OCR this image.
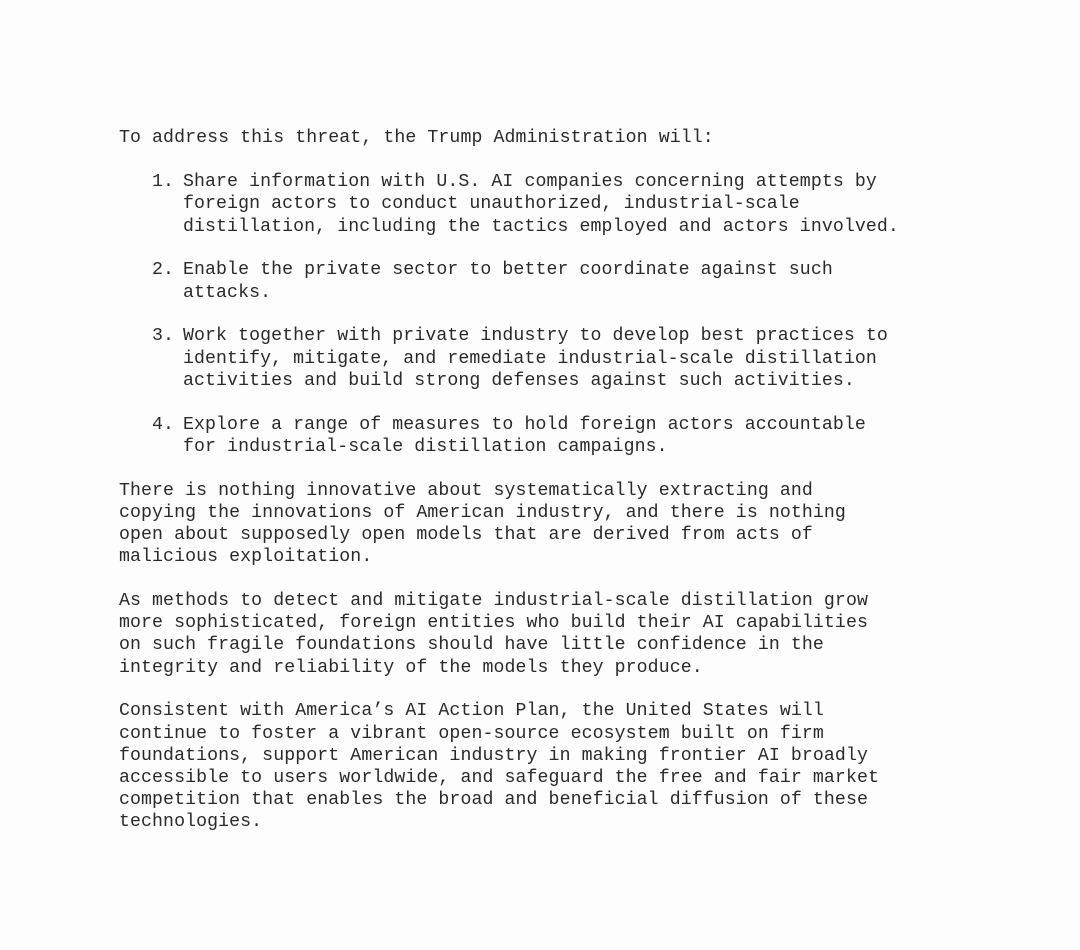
To address this threat, the Trump Administration will:

1. Share information with U.S. AI companies concerning attempts by
foreign actors to conduct unauthorized, industrial-scale
distillation, including the tactics employed and actors involved.
2. Enable the private sector to better coordinate against such
attacks.
3. Work together with private industry to develop best practices to
identify, mitigate, and remediate industrial-scale distillation
activities and build strong defenses against such activities.
4. Explore a range of measures to hold foreign actors accountable
for industrial-scale distillation campaigns.
There is nothing innovative about systematically extracting and
copying the innovations of American industry, and there is nothing
open about supposedly open models that are derived from acts of
malicious exploitation.
As methods to detect and mitigate industrial-scale distillation grow
more sophisticated, foreign entities who build their AI capabilities
on such fragile foundations should have little confidence in the
integrity and reliability of the models they produce.
Consistent with America’s AI Action Plan, the United States will
continue to foster a vibrant open-source ecosystem built on firm
foundations, support American industry in making frontier AI broadly
accessible to users worldwide, and safeguard the free and fair market
competition that enables the broad and beneficial diffusion of these
technologies.
